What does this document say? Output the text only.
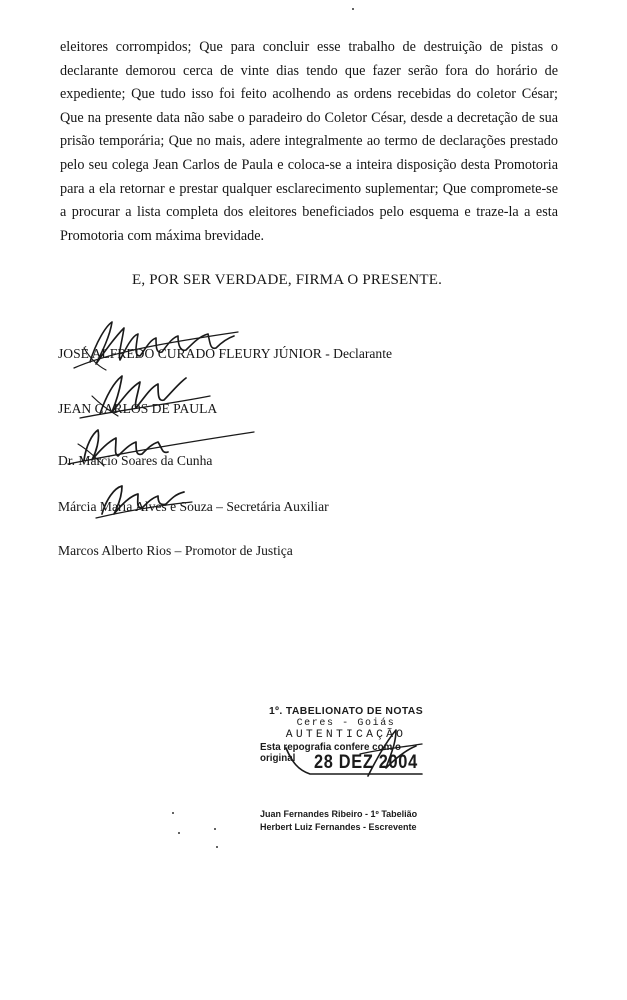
eleitores corrompidos; Que para concluir esse trabalho de destruição de pistas o declarante demorou cerca de vinte dias tendo que fazer serão fora do horário de expediente; Que tudo isso foi feito acolhendo as ordens recebidas do coletor César; Que na presente data não sabe o paradeiro do Coletor César, desde a decretação de sua prisão temporária; Que no mais, adere integralmente ao termo de declarações prestado pelo seu colega Jean Carlos de Paula e coloca-se a inteira disposição desta Promotoria para a ela retornar e prestar qualquer esclarecimento suplementar; Que compromete-se a procurar a lista completa dos eleitores beneficiados pelo esquema e traze-la a esta Promotoria com máxima brevidade.

E, POR SER VERDADE, FIRMA O PRESENTE.
JOSÉ ALFREDO CURADO FLEURY JÚNIOR - Declarante
JEAN CARLOS DE PAULA
Dr. Márcio Soares da Cunha
Márcia Maria Alves e Souza – Secretária Auxiliar
Marcos Alberto Rios – Promotor de Justiça
1º. TABELIONATO DE NOTAS
Ceres - Goiás
AUTENTICAÇÃO
Esta repografia confere com o original 28 DEZ 2004
Juan Fernandes Ribeiro - 1º Tabelião
Herbert Luiz Fernandes - Escrevente
